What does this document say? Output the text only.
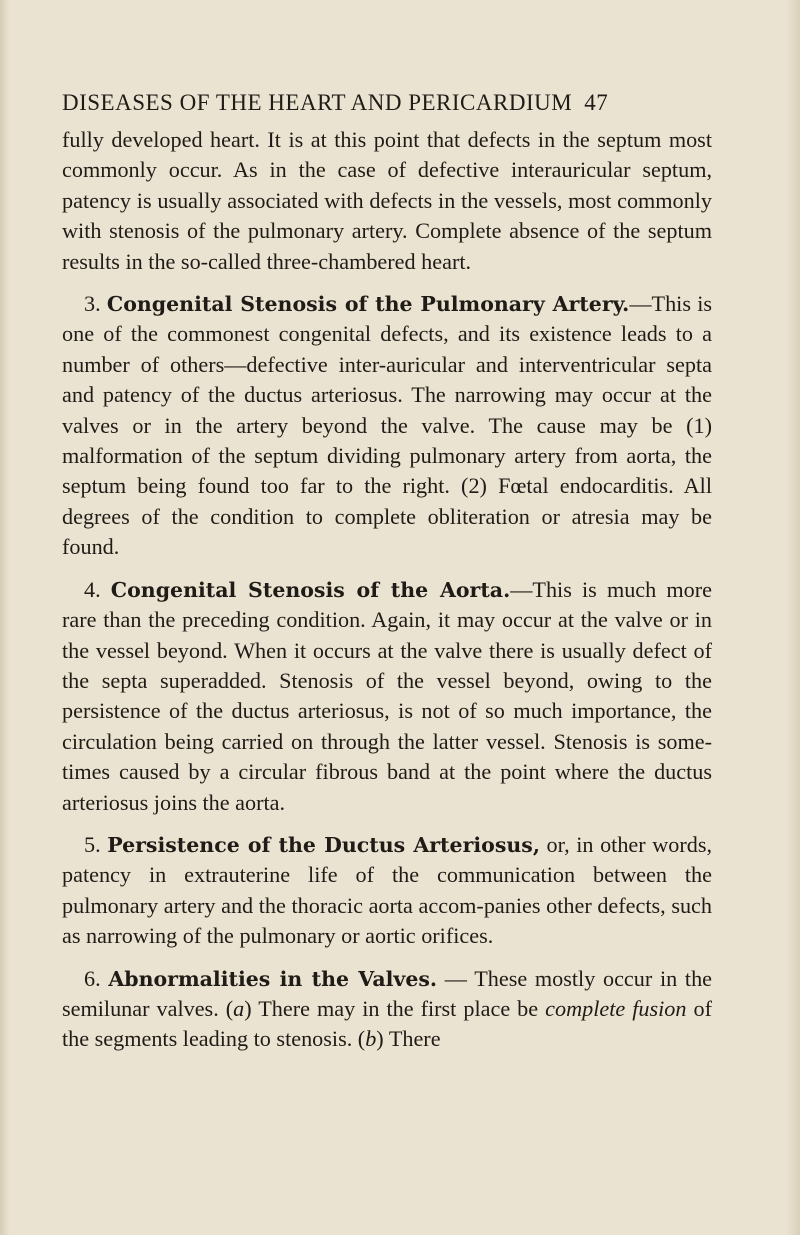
DISEASES OF THE HEART AND PERICARDIUM 47

fully developed heart. It is at this point that defects in the septum most commonly occur. As in the case of defective interauricular septum, patency is usually associated with defects in the vessels, most commonly with stenosis of the pulmonary artery. Complete absence of the septum results in the so-called three-chambered heart.

3. Congenital Stenosis of the Pulmonary Artery.—This is one of the commonest congenital defects, and its existence leads to a number of others—defective inter-auricular and interventricular septa and patency of the ductus arteriosus. The narrowing may occur at the valves or in the artery beyond the valve. The cause may be (1) malformation of the septum dividing pulmonary artery from aorta, the septum being found too far to the right. (2) Fœtal endocarditis. All degrees of the condition to complete obliteration or atresia may be found.

4. Congenital Stenosis of the Aorta.—This is much more rare than the preceding condition. Again, it may occur at the valve or in the vessel beyond. When it occurs at the valve there is usually defect of the septa superadded. Stenosis of the vessel beyond, owing to the persistence of the ductus arteriosus, is not of so much importance, the circulation being carried on through the latter vessel. Stenosis is some-times caused by a circular fibrous band at the point where the ductus arteriosus joins the aorta.

5. Persistence of the Ductus Arteriosus, or, in other words, patency in extrauterine life of the communication between the pulmonary artery and the thoracic aorta accom-panies other defects, such as narrowing of the pulmonary or aortic orifices.

6. Abnormalities in the Valves. — These mostly occur in the semilunar valves. (a) There may in the first place be complete fusion of the segments leading to stenosis. (b) There
